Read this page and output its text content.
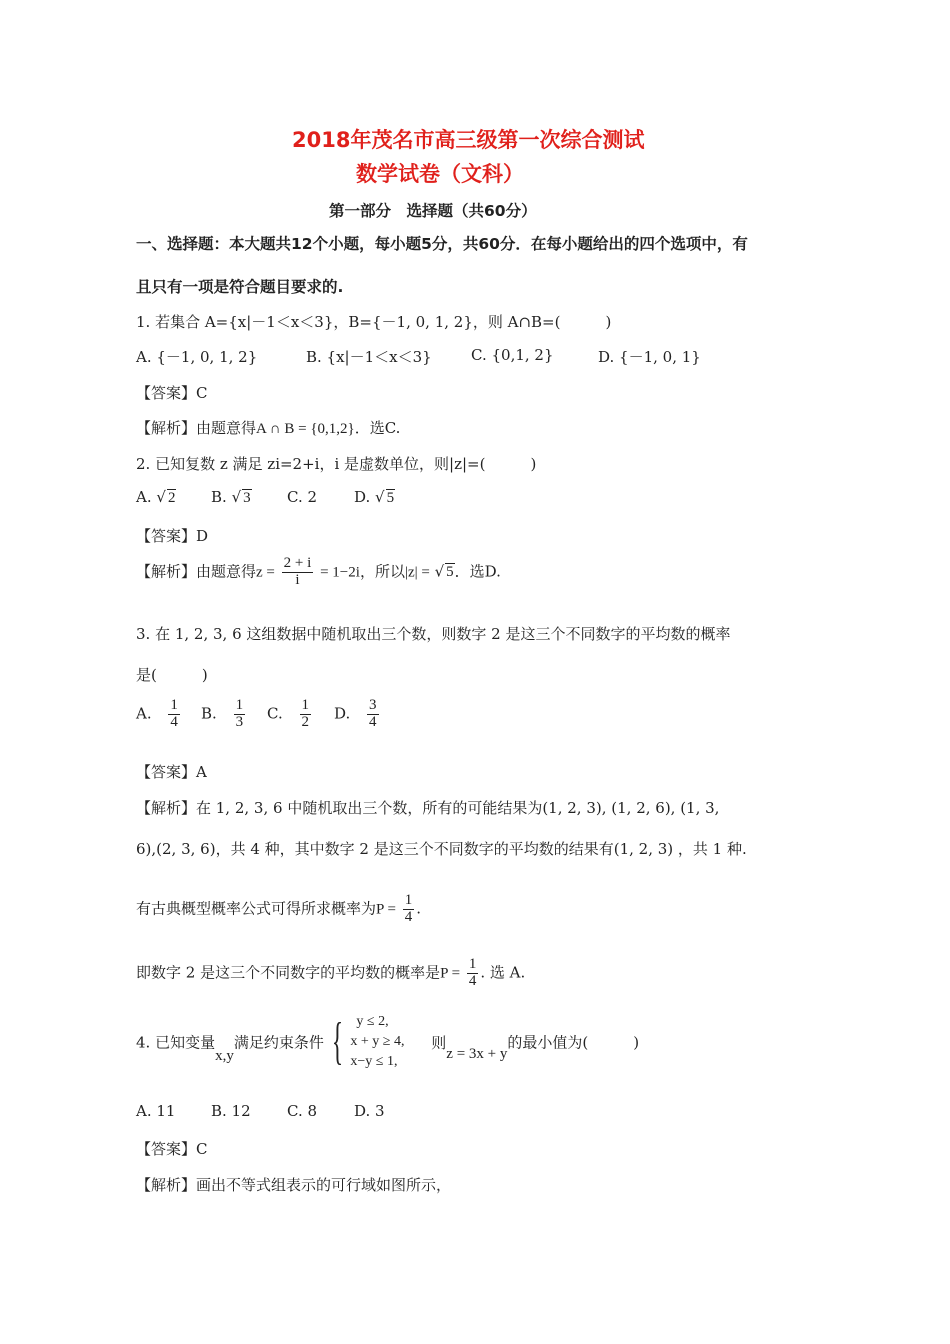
2018年茂名市高三级第一次综合测试
数学试卷（文科）
第一部分　选择题（共60分）
一、选择题：本大题共12个小题，每小题5分，共60分．在每小题给出的四个选项中，有
且只有一项是符合题目要求的.
1. 若集合 A={x|－1＜x＜3}，B={－1, 0, 1, 2}，则 A∩B=(　　　)
A. {－1, 0, 1, 2}	B. {x|－1＜x＜3}	C. {0,1, 2}	D. {－1, 0, 1}
【答案】C
【解析】由题意得A ∩ B = {0,1,2}．选C.
2. 已知复数 z 满足 zi=2+i，i 是虚数单位，则|z|=(　　　)
A. √ 2 B. √ 3 C. 2 D. √ 5
【答案】D
【解析】由题意得$z = \frac{2 + i}{i} = 1-2i$，所以|z| = √ 5．选D.
3. 在 1, 2, 3, 6 这组数据中随机取出三个数，则数字 2 是这三个不同数字的平均数的概率
是(　　　)
A. $\frac{1}{4} B$. $\frac{1}{3} C$. $\frac{1}{2} D$. $\frac{3}{4}$
【答案】A
【解析】在 1, 2, 3, 6 中随机取出三个数，所有的可能结果为(1, 2, 3), (1, 2, 6), (1, 3,
6),(2, 3, 6)，共 4 种，其中数字 2 是这三个不同数字的平均数的结果有(1, 2, 3) ，共 1 种.
有古典概型概率公式可得所求概率为$P = \frac{1}{4}$ .
即数字 2 是这三个不同数字的平均数的概率是$P = \frac{1}{4}$ . 选 A.
4. 已知变量x,y满足约束条件 { y ≤ 2,
x + y ≥ 4,
x−y ≤ 1,
则z = 3x + y的最小值为(　　　)
A. 11 B. 12 C. 8 D. 3
【答案】C
【解析】画出不等式组表示的可行域如图所示，
